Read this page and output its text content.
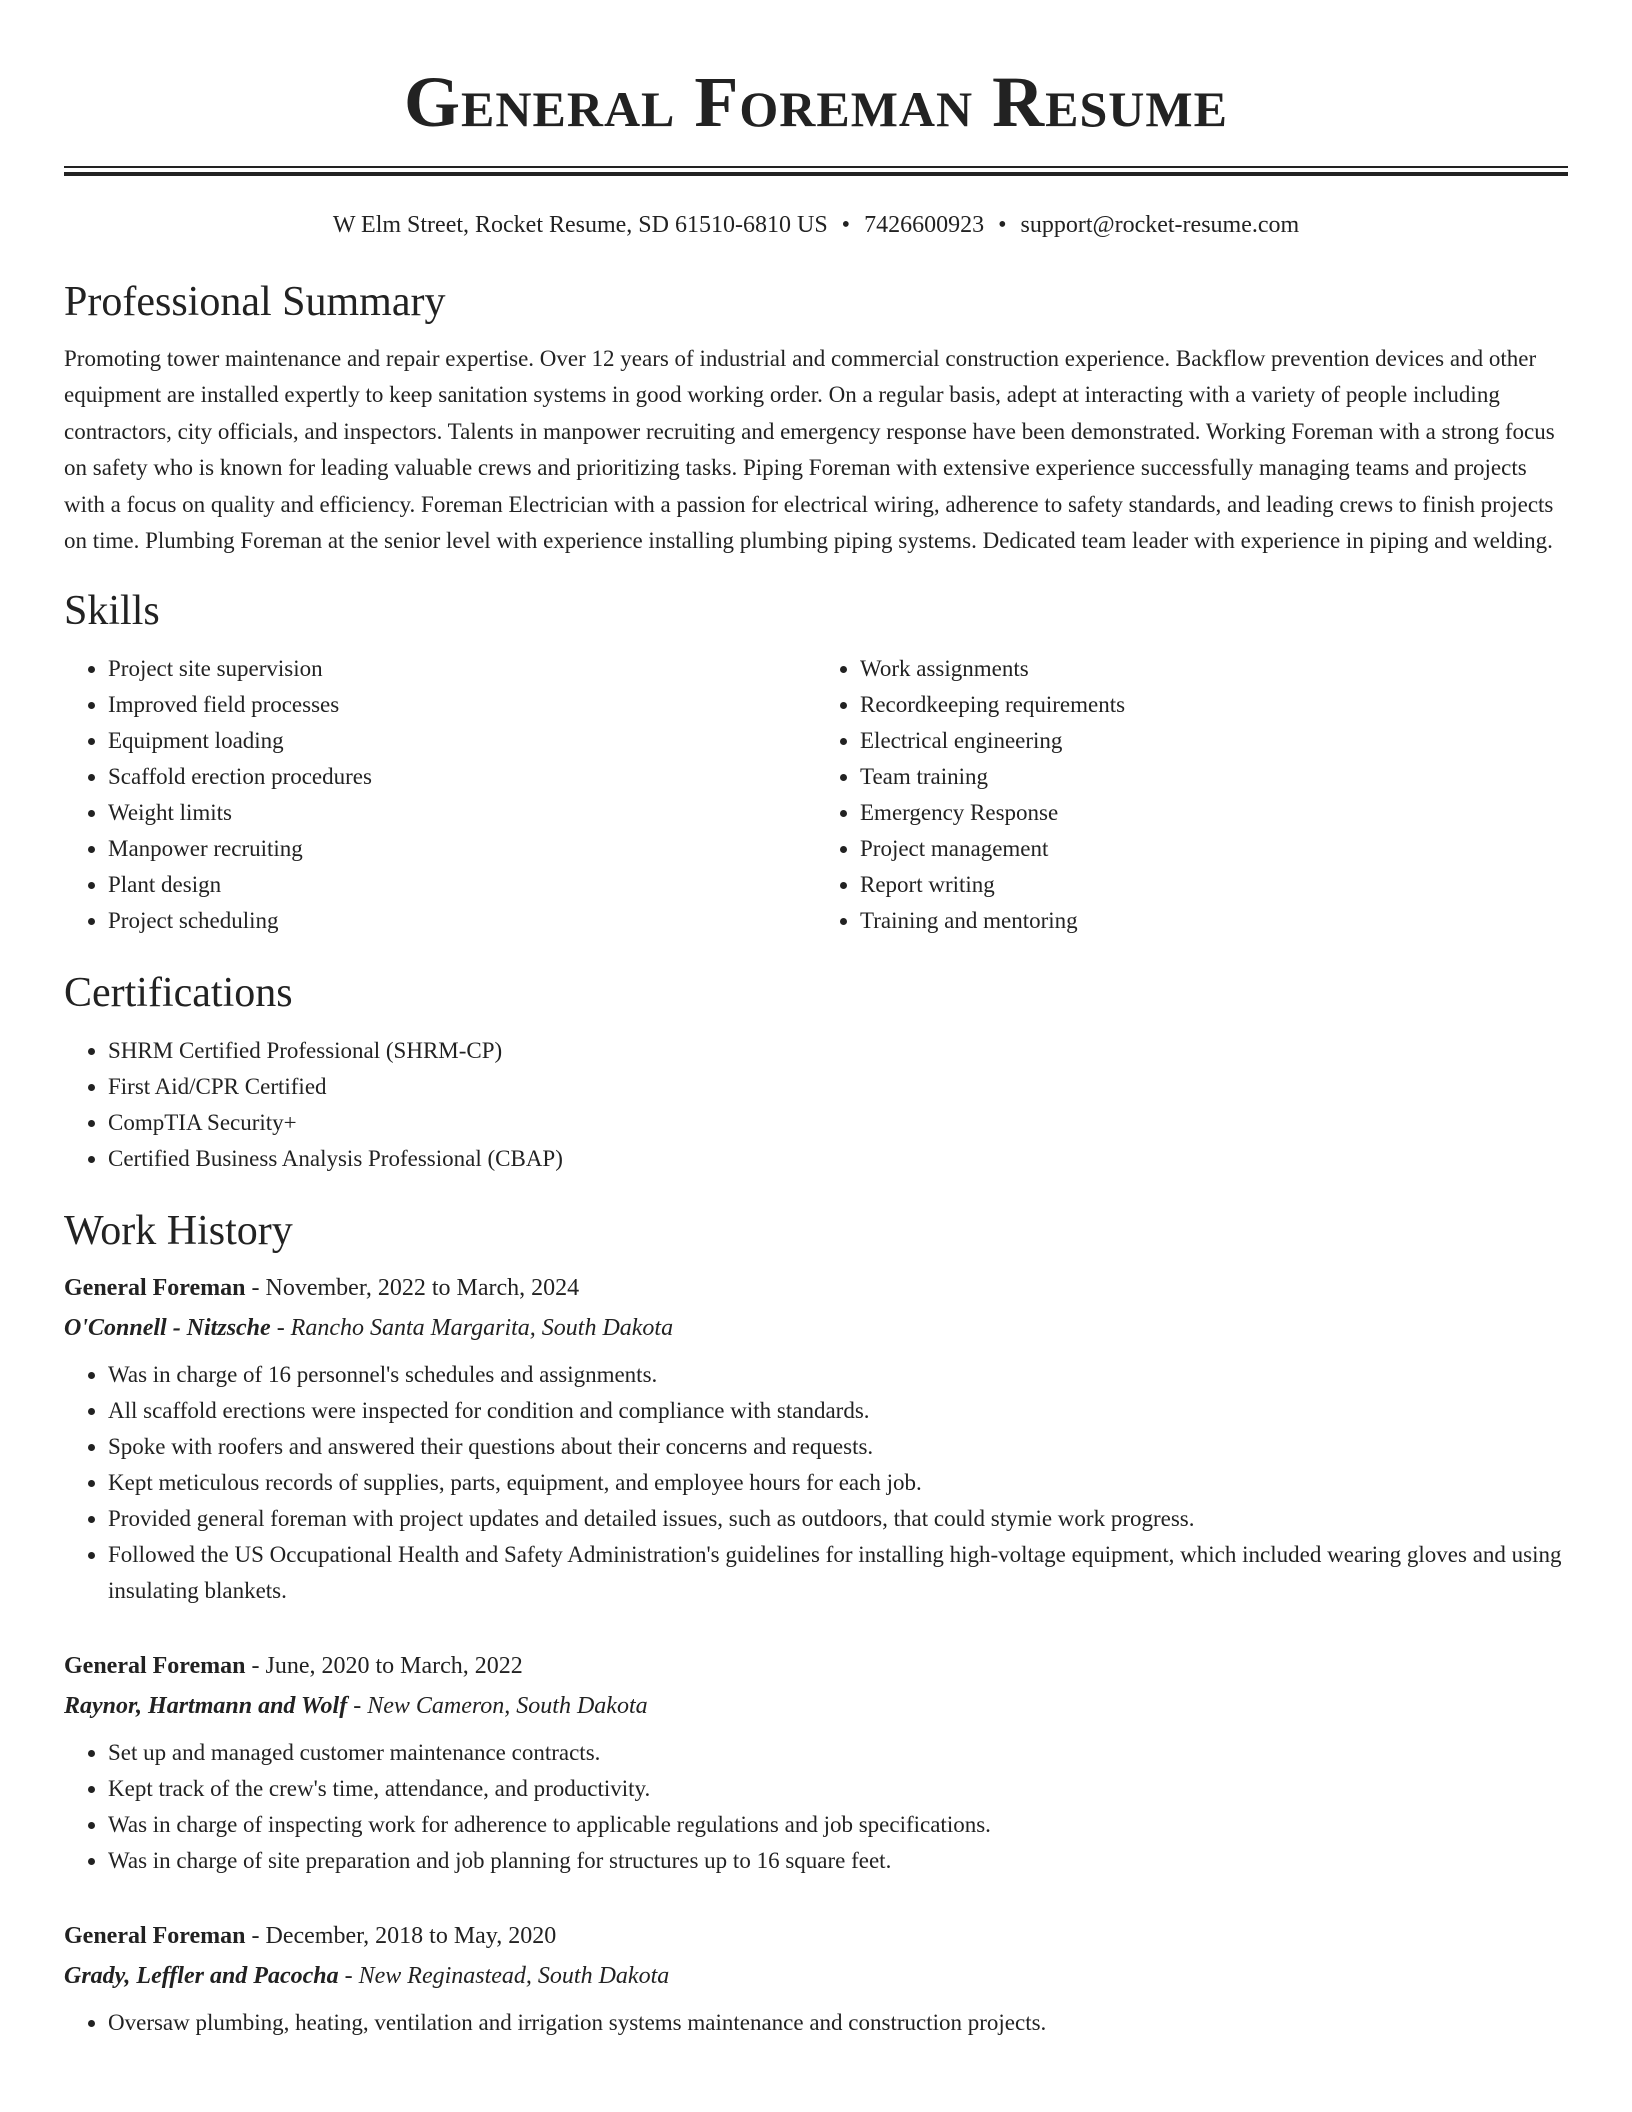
General Foreman Resume
W Elm Street, Rocket Resume, SD 61510-6810 US • 7426600923 • support@rocket-resume.com
Professional Summary

Promoting tower maintenance and repair expertise. Over 12 years of industrial and commercial construction experience. Backflow prevention devices and other equipment are installed expertly to keep sanitation systems in good working order. On a regular basis, adept at interacting with a variety of people including contractors, city officials, and inspectors. Talents in manpower recruiting and emergency response have been demonstrated. Working Foreman with a strong focus on safety who is known for leading valuable crews and prioritizing tasks. Piping Foreman with extensive experience successfully managing teams and projects with a focus on quality and efficiency. Foreman Electrician with a passion for electrical wiring, adherence to safety standards, and leading crews to finish projects on time. Plumbing Foreman at the senior level with experience installing plumbing piping systems. Dedicated team leader with experience in piping and welding.

Skills
• Project site supervision
• Improved field processes
• Equipment loading
• Scaffold erection procedures
• Weight limits
• Manpower recruiting
• Plant design
• Project scheduling
• Work assignments
• Recordkeeping requirements
• Electrical engineering
• Team training
• Emergency Response
• Project management
• Report writing
• Training and mentoring
Certifications
• SHRM Certified Professional (SHRM-CP)
• First Aid/CPR Certified
• CompTIA Security+
• Certified Business Analysis Professional (CBAP)
Work History
General Foreman - November, 2022 to March, 2024
O'Connell - Nitzsche - Rancho Santa Margarita, South Dakota
• Was in charge of 16 personnel's schedules and assignments.
• All scaffold erections were inspected for condition and compliance with standards.
• Spoke with roofers and answered their questions about their concerns and requests.
• Kept meticulous records of supplies, parts, equipment, and employee hours for each job.
• Provided general foreman with project updates and detailed issues, such as outdoors, that could stymie work progress.
• Followed the US Occupational Health and Safety Administration's guidelines for installing high-voltage equipment, which included wearing gloves and using insulating blankets.
General Foreman - June, 2020 to March, 2022
Raynor, Hartmann and Wolf - New Cameron, South Dakota
• Set up and managed customer maintenance contracts.
• Kept track of the crew's time, attendance, and productivity.
• Was in charge of inspecting work for adherence to applicable regulations and job specifications.
• Was in charge of site preparation and job planning for structures up to 16 square feet.
General Foreman - December, 2018 to May, 2020
Grady, Leffler and Pacocha - New Reginastead, South Dakota
• Oversaw plumbing, heating, ventilation and irrigation systems maintenance and construction projects.
